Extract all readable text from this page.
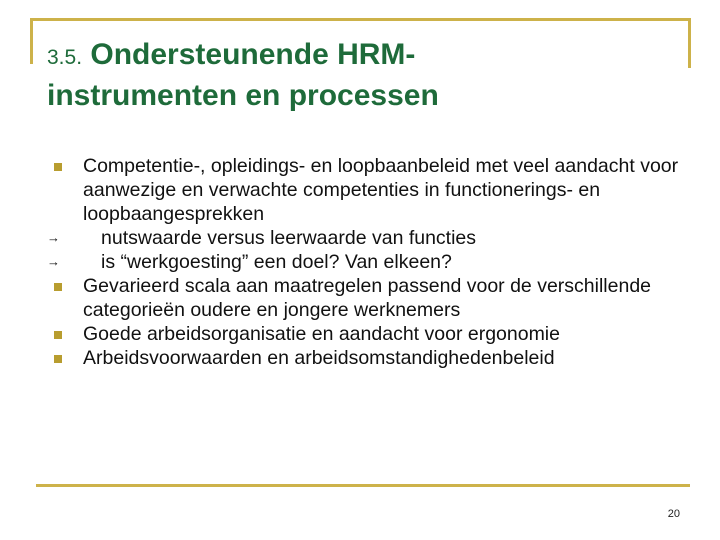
3.5. Ondersteunende HRM-
instrumenten en processen
Competentie-, opleidings- en loopbaanbeleid met veel aandacht voor aanwezige en verwachte competenties in functionerings- en loopbaangesprekken
→	nutswaarde versus leerwaarde van functies
→	is “werkgoesting” een doel? Van elkeen?
Gevarieerd scala aan maatregelen passend voor de verschillende categorieën oudere en jongere werknemers
Goede arbeidsorganisatie en aandacht voor ergonomie
Arbeidsvoorwaarden en arbeidsomstandighedenbeleid
20
